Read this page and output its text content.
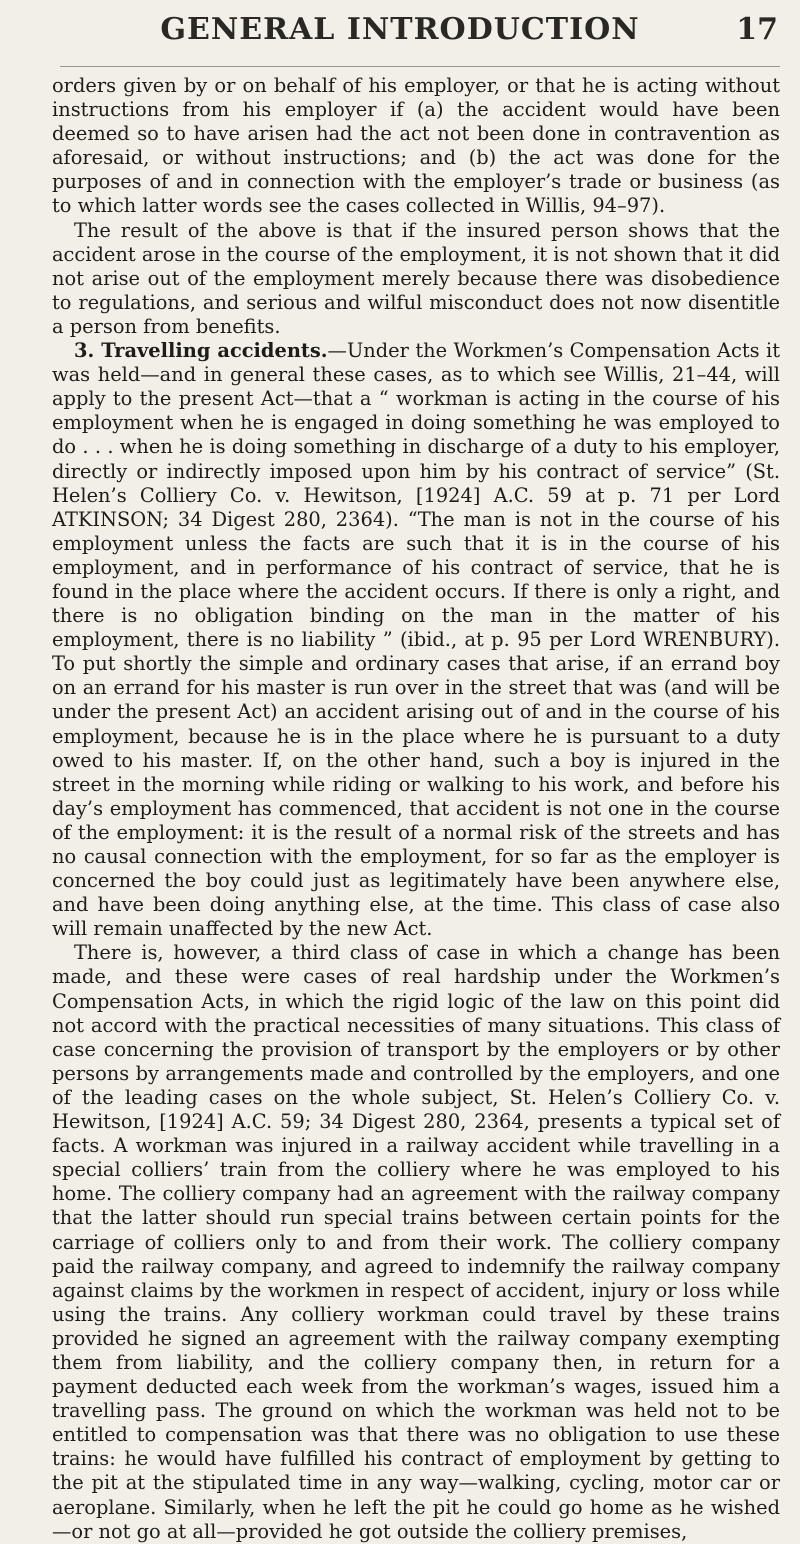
GENERAL INTRODUCTION	17

orders given by or on behalf of his employer, or that he is acting without instructions from his employer if (a) the accident would have been deemed so to have arisen had the act not been done in contravention as aforesaid, or without instructions; and (b) the act was done for the purposes of and in connection with the employer’s trade or business (as to which latter words see the cases collected in Willis, 94–97).

The result of the above is that if the insured person shows that the accident arose in the course of the employment, it is not shown that it did not arise out of the employment merely because there was disobedience to regulations, and serious and wilful misconduct does not now disentitle a person from benefits.

3. Travelling accidents.—Under the Workmen’s Compensation Acts it was held—and in general these cases, as to which see Willis, 21–44, will apply to the present Act—that a “ workman is acting in the course of his employment when he is engaged in doing something he was employed to do . . . when he is doing something in discharge of a duty to his employer, directly or indirectly imposed upon him by his contract of service” (St. Helen’s Colliery Co. v. Hewitson, [1924] A.C. 59 at p. 71 per Lord ATKINSON; 34 Digest 280, 2364). “The man is not in the course of his employment unless the facts are such that it is in the course of his employment, and in performance of his contract of service, that he is found in the place where the accident occurs. If there is only a right, and there is no obligation binding on the man in the matter of his employment, there is no liability ” (ibid., at p. 95 per Lord WRENBURY). To put shortly the simple and ordinary cases that arise, if an errand boy on an errand for his master is run over in the street that was (and will be under the present Act) an accident arising out of and in the course of his employment, because he is in the place where he is pursuant to a duty owed to his master. If, on the other hand, such a boy is injured in the street in the morning while riding or walking to his work, and before his day’s employment has commenced, that accident is not one in the course of the employment: it is the result of a normal risk of the streets and has no causal connection with the employment, for so far as the employer is concerned the boy could just as legitimately have been anywhere else, and have been doing anything else, at the time. This class of case also will remain unaffected by the new Act.

There is, however, a third class of case in which a change has been made, and these were cases of real hardship under the Workmen’s Compensation Acts, in which the rigid logic of the law on this point did not accord with the practical necessities of many situations. This class of case concerning the provision of transport by the employers or by other persons by arrangements made and controlled by the employers, and one of the leading cases on the whole subject, St. Helen’s Colliery Co. v. Hewitson, [1924] A.C. 59; 34 Digest 280, 2364, presents a typical set of facts. A workman was injured in a railway accident while travelling in a special colliers’ train from the colliery where he was employed to his home. The colliery company had an agreement with the railway company that the latter should run special trains between certain points for the carriage of colliers only to and from their work. The colliery company paid the railway company, and agreed to indemnify the railway company against claims by the workmen in respect of accident, injury or loss while using the trains. Any colliery workman could travel by these trains provided he signed an agreement with the railway company exempting them from liability, and the colliery company then, in return for a payment deducted each week from the workman’s wages, issued him a travelling pass. The ground on which the workman was held not to be entitled to compensation was that there was no obligation to use these trains: he would have fulfilled his contract of employment by getting to the pit at the stipulated time in any way—walking, cycling, motor car or aeroplane. Similarly, when he left the pit he could go home as he wished—or not go at all—provided he got outside the colliery premises,
